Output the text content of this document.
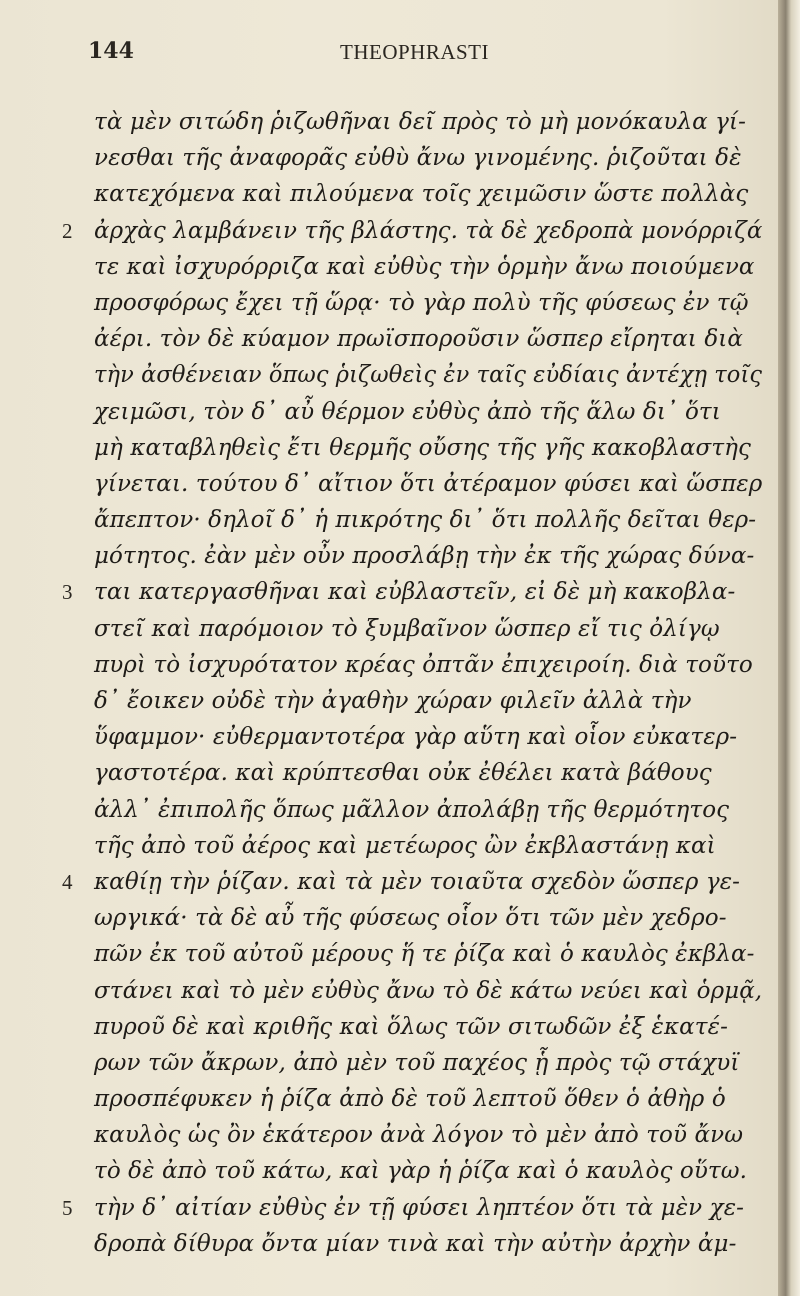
144	THEOPHRASTI
τὰ μὲν σιτώδη ῥιζωθῆναι δεῖ πρὸς τὸ μὴ μονόκαυλα γί-
νεσθαι τῆς ἀναφορᾶς εὐθὺ ἄνω γινομένης. ῥιζοῦται δὲ
κατεχόμενα καὶ πιλούμενα τοῖς χειμῶσιν ὥστε πολλὰς
2 ἀρχὰς λαμβάνειν τῆς βλάστης. τὰ δὲ χεδροπὰ μονόρριζά
τε καὶ ἰσχυρόρριζα καὶ εὐθὺς τὴν ὁρμὴν ἄνω ποιούμενα
προσφόρως ἔχει τῇ ὥρᾳ· τὸ γὰρ πολὺ τῆς φύσεως ἐν τῷ
ἀέρι. τὸν δὲ κύαμον πρωϊσποροῦσιν ὥσπερ εἴρηται διὰ
τὴν ἀσθένειαν ὅπως ῥιζωθεὶς ἐν ταῖς εὐδίαις ἀντέχῃ τοῖς
χειμῶσι, τὸν δ᾽ αὖ θέρμον εὐθὺς ἀπὸ τῆς ἅλω δι᾽ ὅτι
μὴ καταβληθεὶς ἔτι θερμῆς οὔσης τῆς γῆς κακοβλαστὴς
γίνεται. τούτου δ᾽ αἴτιον ὅτι ἀτέραμον φύσει καὶ ὥσπερ
ἄπεπτον· δηλοῖ δ᾽ ἡ πικρότης δι᾽ ὅτι πολλῆς δεῖται θερ-
μότητος. ἐὰν μὲν οὖν προσλάβῃ τὴν ἐκ τῆς χώρας δύνα-
3 ται κατεργασθῆναι καὶ εὐβλαστεῖν, εἰ δὲ μὴ κακοβλα-
στεῖ καὶ παρόμοιον τὸ ξυμβαῖνον ὥσπερ εἴ τις ὀλίγῳ
πυρὶ τὸ ἰσχυρότατον κρέας ὀπτᾶν ἐπιχειροίη. διὰ τοῦτο
δ᾽ ἔοικεν οὐδὲ τὴν ἀγαθὴν χώραν φιλεῖν ἀλλὰ τὴν
ὕφαμμον· εὐθερμαντοτέρα γὰρ αὕτη καὶ οἷον εὐκατερ-
γαστοτέρα. καὶ κρύπτεσθαι οὐκ ἐθέλει κατὰ βάθους
ἀλλ᾽ ἐπιπολῆς ὅπως μᾶλλον ἀπολάβῃ τῆς θερμότητος
τῆς ἀπὸ τοῦ ἀέρος καὶ μετέωρος ὢν ἐκβλαστάνῃ καὶ
4 καθίῃ τὴν ῥίζαν. καὶ τὰ μὲν τοιαῦτα σχεδὸν ὥσπερ γε-
ωργικά· τὰ δὲ αὖ τῆς φύσεως οἷον ὅτι τῶν μὲν χεδρο-
πῶν ἐκ τοῦ αὐτοῦ μέρους ἥ τε ῥίζα καὶ ὁ καυλὸς ἐκβλα-
στάνει καὶ τὸ μὲν εὐθὺς ἄνω τὸ δὲ κάτω νεύει καὶ ὁρμᾷ,
πυροῦ δὲ καὶ κριθῆς καὶ ὅλως τῶν σιτωδῶν ἐξ ἑκατέ-
ρων τῶν ἄκρων, ἀπὸ μὲν τοῦ παχέος ᾗ πρὸς τῷ στάχυϊ
προσπέφυκεν ἡ ῥίζα ἀπὸ δὲ τοῦ λεπτοῦ ὅθεν ὁ ἀθὴρ ὁ
καυλὸς ὡς ὂν ἑκάτερον ἀνὰ λόγον τὸ μὲν ἀπὸ τοῦ ἄνω
τὸ δὲ ἀπὸ τοῦ κάτω, καὶ γὰρ ἡ ῥίζα καὶ ὁ καυλὸς οὕτω.
5 τὴν δ᾽ αἰτίαν εὐθὺς ἐν τῇ φύσει ληπτέον ὅτι τὰ μὲν χε-
δροπὰ δίθυρα ὄντα μίαν τινὰ καὶ τὴν αὐτὴν ἀρχὴν ἀμ-
